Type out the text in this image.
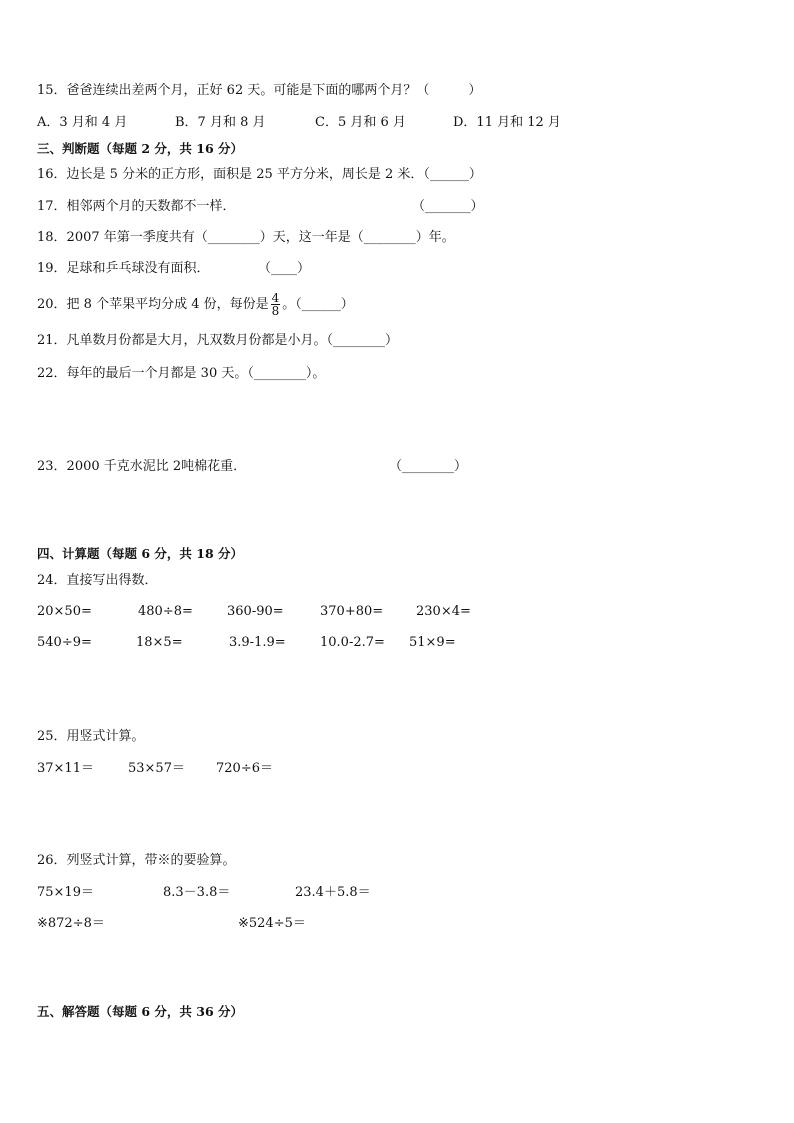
15．爸爸连续出差两个月，正好 62 天。可能是下面的哪两个月？（　　　）
A．3 月和 4 月	B．7 月和 8 月	C．5 月和 6 月	D．11 月和 12 月
三、判断题（每题 2 分，共 16 分）
16．边长是 5 分米的正方形，面积是 25 平方分米，周长是 2 米．（______）
17．相邻两个月的天数都不一样．	（_______）
18．2007 年第一季度共有（________）天，这一年是（________）年。
19．足球和乒乓球没有面积．	（____）
20．把 8 个苹果平均分成 4 份，每份是 $\frac{4}{8}$ 。（______）
21．凡单数月份都是大月，凡双数月份都是小月。（________）
22．每年的最后一个月都是 30 天。（________）。
23．2000 千克水泥比 2吨棉花重．	（________）
四、计算题（每题 6 分，共 18 分）
24．直接写出得数．
20×50=	480÷8=	360-90=	370+80=	230×4=
540÷9=	18×5=	3.9-1.9=	10.0-2.7= 51×9=
25．用竖式计算。
37×11＝	53×57＝ 720÷6＝
26．列竖式计算，带※的要验算。
75×19＝	8.3－3.8＝	23.4＋5.8＝
※872÷8＝	※524÷5＝
五、解答题（每题 6 分，共 36 分）
